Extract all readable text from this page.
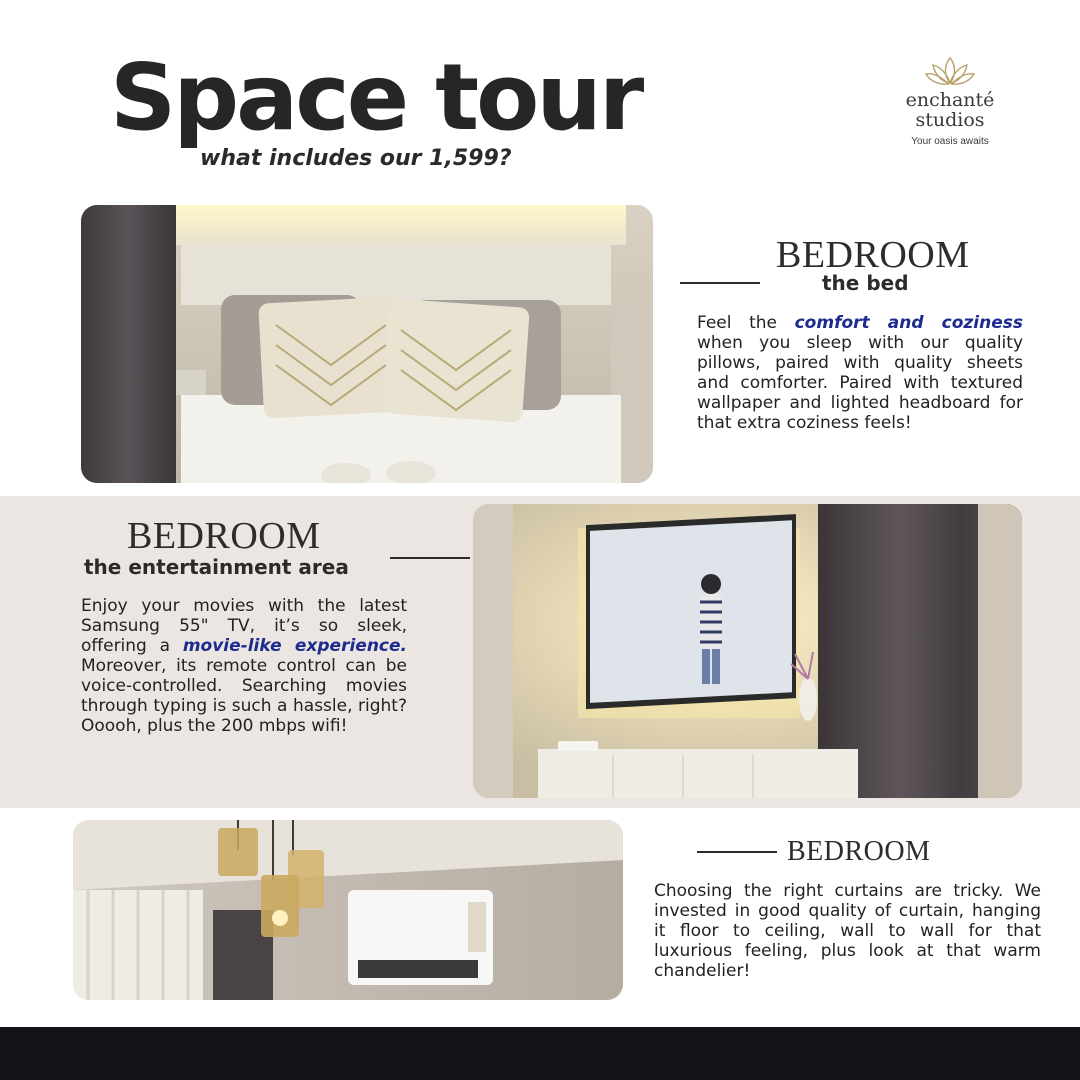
Space tour
what includes our 1,599?
enchanté
studios
Your oasis awaits
BEDROOM
the bed
Feel the comfort and coziness when you sleep with our quality pillows, paired with quality sheets and comforter. Paired with textured wallpaper and lighted headboard for that extra coziness feels!
BEDROOM
the entertainment area
Enjoy your movies with the latest Samsung 55" TV, it’s so sleek, offering a movie-like experience. Moreover, its remote control can be voice-controlled. Searching movies through typing is such a hassle, right? Ooooh, plus the 200 mbps wifi!
BEDROOM
Choosing the right curtains are tricky. We invested in good quality of curtain, hanging it floor to ceiling, wall to wall for that luxurious feeling, plus look at that warm chandelier!
